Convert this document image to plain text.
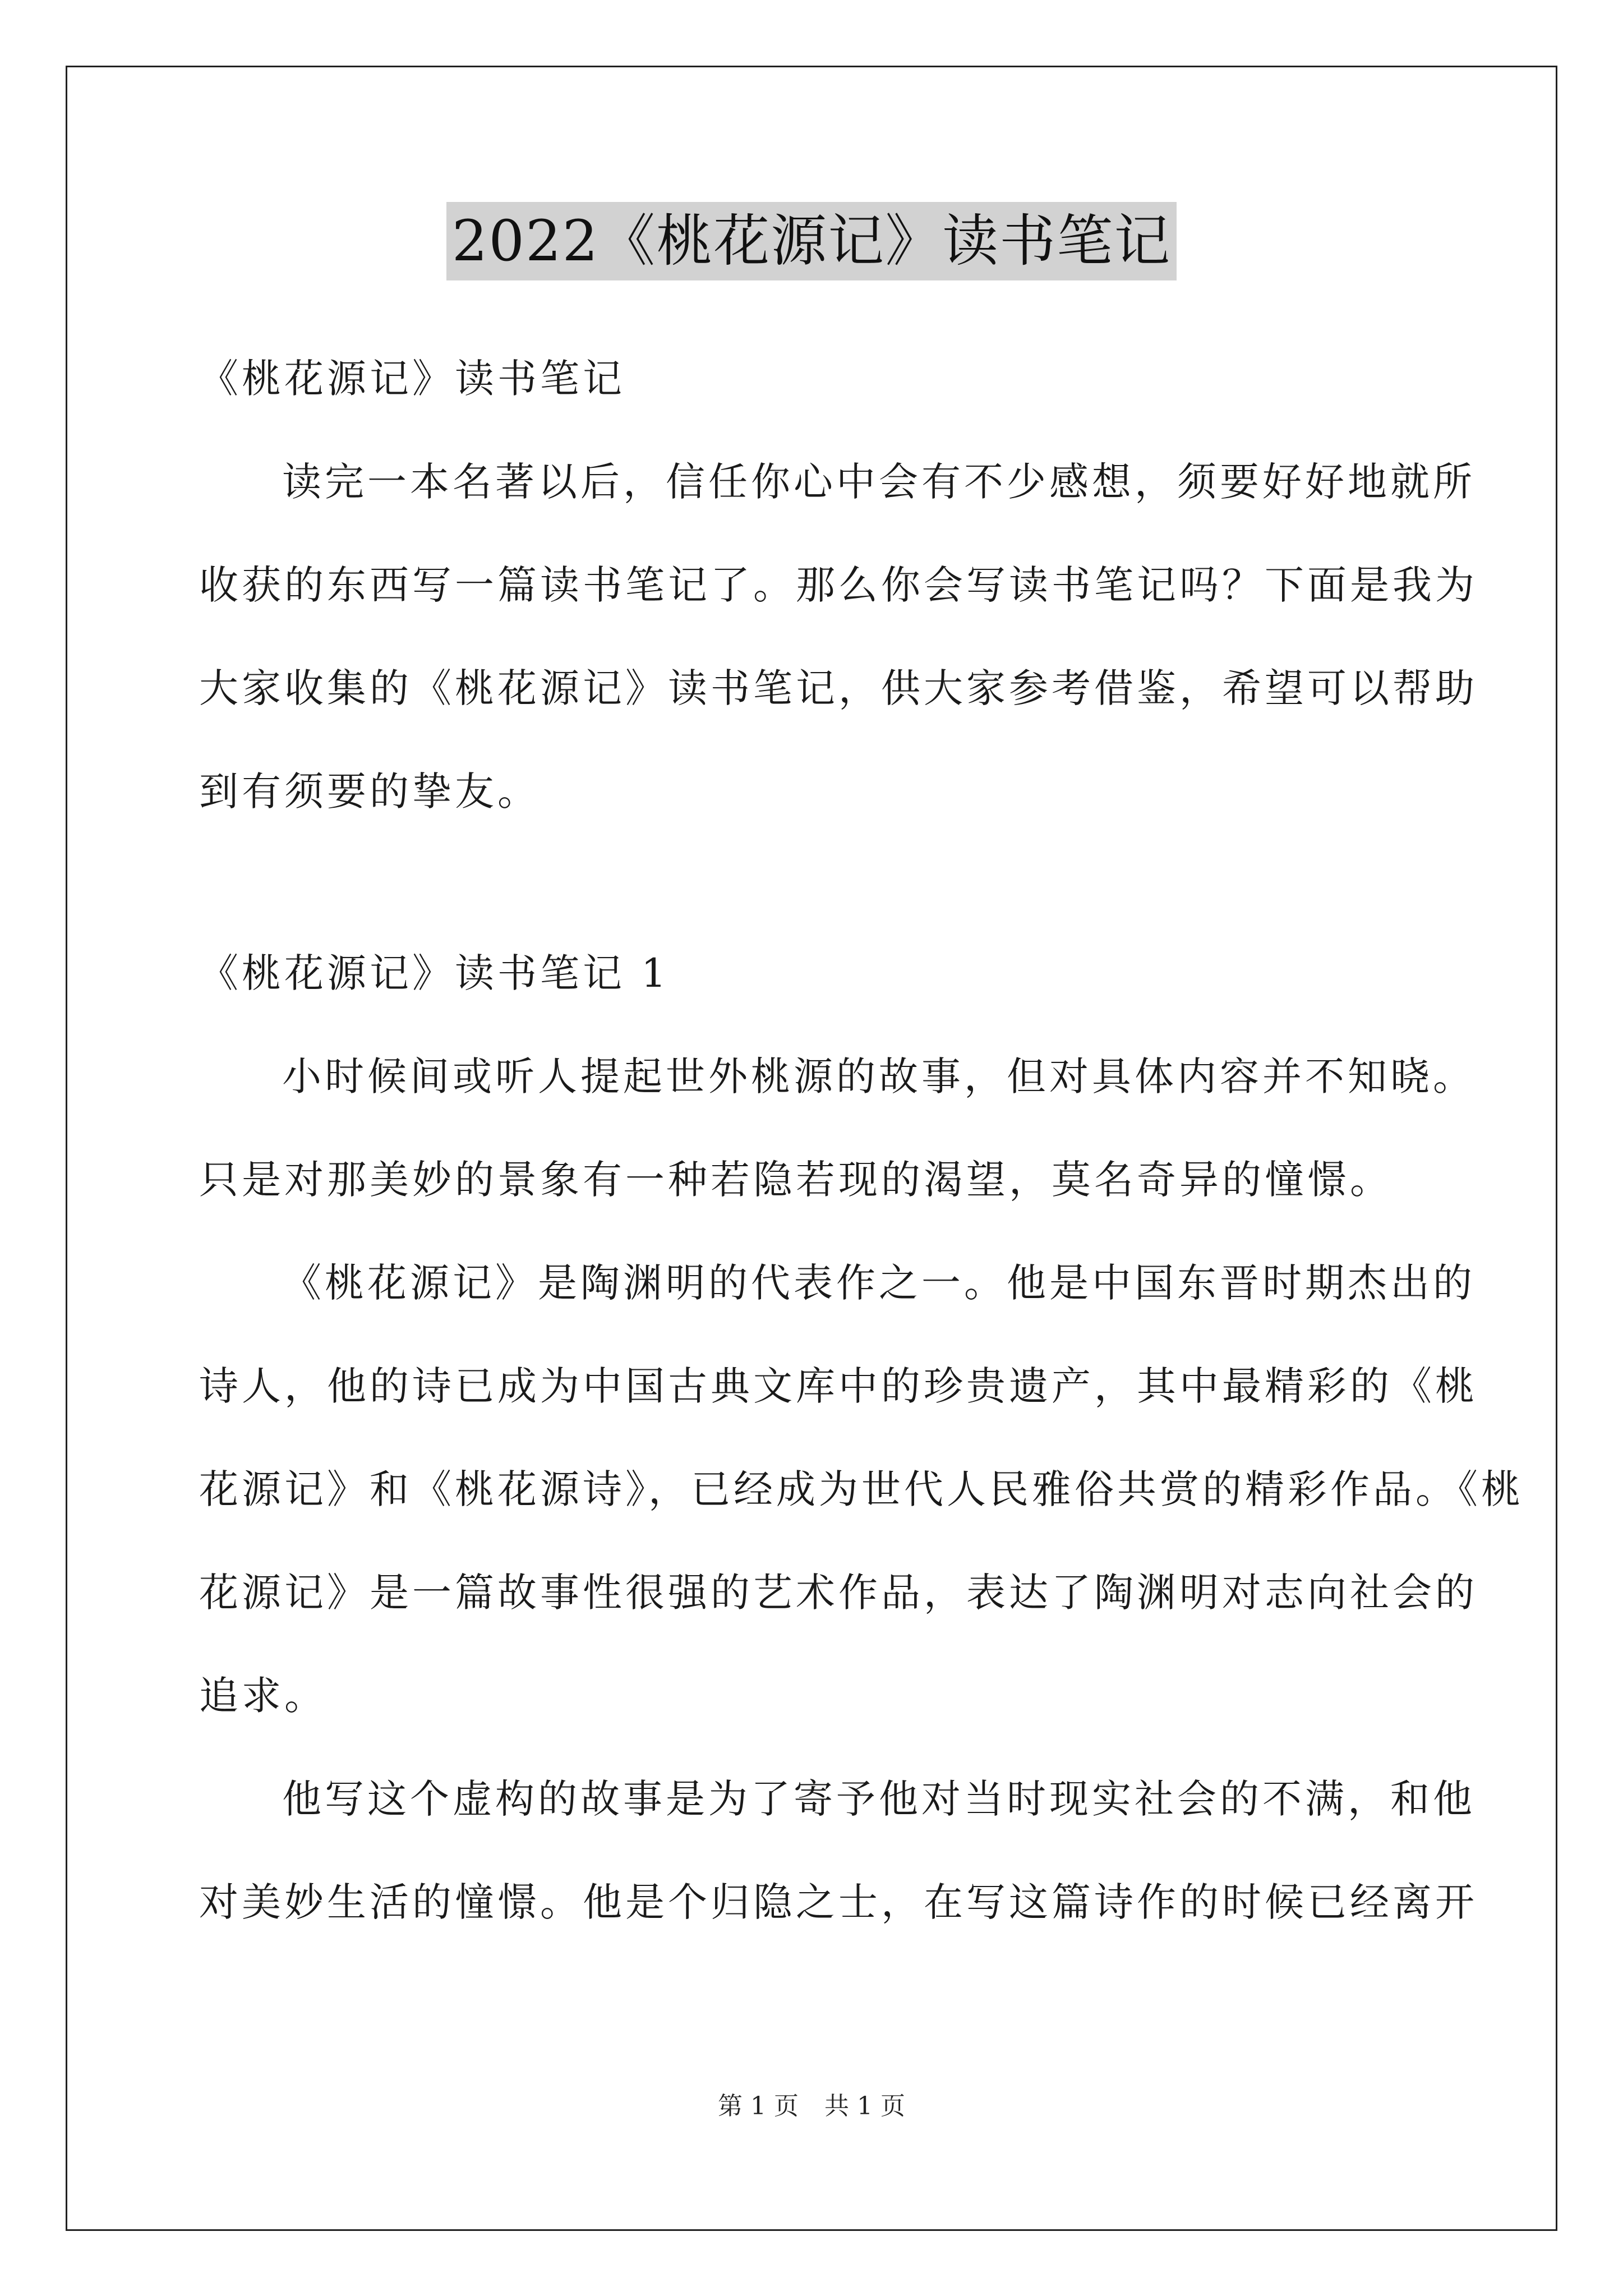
2022《桃花源记》读书笔记
《桃花源记》读书笔记
读完一本名著以后，信任你心中会有不少感想，须要好好地就所
收获的东西写一篇读书笔记了。那么你会写读书笔记吗？下面是我为
大家收集的《桃花源记》读书笔记，供大家参考借鉴，希望可以帮助
到有须要的挚友。
《桃花源记》读书笔记 1
小时候间或听人提起世外桃源的故事，但对具体内容并不知晓。
只是对那美妙的景象有一种若隐若现的渴望，莫名奇异的憧憬。
《桃花源记》是陶渊明的代表作之一。他是中国东晋时期杰出的
诗人，他的诗已成为中国古典文库中的珍贵遗产，其中最精彩的《桃
花源记》和《桃花源诗》，已经成为世代人民雅俗共赏的精彩作品。《桃
花源记》是一篇故事性很强的艺术作品，表达了陶渊明对志向社会的
追求。
他写这个虚构的故事是为了寄予他对当时现实社会的不满，和他
对美妙生活的憧憬。他是个归隐之士，在写这篇诗作的时候已经离开
第 1 页 共 1 页
